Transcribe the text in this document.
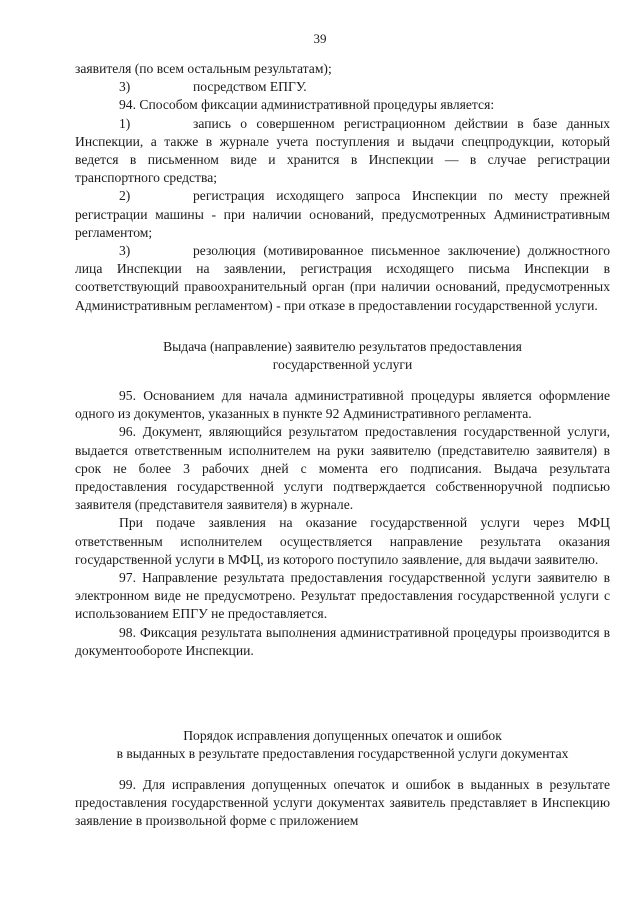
39

заявителя (по всем остальным результатам);

3)	посредством ЕПГУ.

94. Способом фиксации административной процедуры является:

1)	запись о совершенном регистрационном действии в базе данных Инспекции, а также в журнале учета поступления и выдачи спецпродукции, который ведется в письменном виде и хранится в Инспекции — в случае регистрации транспортного средства;

2)	регистрация исходящего запроса Инспекции по месту прежней регистрации машины - при наличии оснований, предусмотренных Административным регламентом;

3)	резолюция (мотивированное письменное заключение) должностного лица Инспекции на заявлении, регистрация исходящего письма Инспекции в соответствующий правоохранительный орган (при наличии оснований, предусмотренных Административным регламентом) - при отказе в предоставлении государственной услуги.

Выдача (направление) заявителю результатов предоставления
государственной услуги

95. Основанием для начала административной процедуры является оформление одного из документов, указанных в пункте 92 Административного регламента.

96. Документ, являющийся результатом предоставления государственной услуги, выдается ответственным исполнителем на руки заявителю (представителю заявителя) в срок не более 3 рабочих дней с момента его подписания. Выдача результата предоставления государственной услуги подтверждается собственноручной подписью заявителя (представителя заявителя) в журнале.

При подаче заявления на оказание государственной услуги через МФЦ ответственным исполнителем осуществляется направление результата оказания государственной услуги в МФЦ, из которого поступило заявление, для выдачи заявителю.

97. Направление результата предоставления государственной услуги заявителю в электронном виде не предусмотрено. Результат предоставления государственной услуги с использованием ЕПГУ не предоставляется.

98. Фиксация результата выполнения административной процедуры производится в документообороте Инспекции.

Порядок исправления допущенных опечаток и ошибок
в выданных в результате предоставления государственной услуги документах

99. Для исправления допущенных опечаток и ошибок в выданных в результате предоставления государственной услуги документах заявитель представляет в Инспекцию заявление в произвольной форме с приложением
